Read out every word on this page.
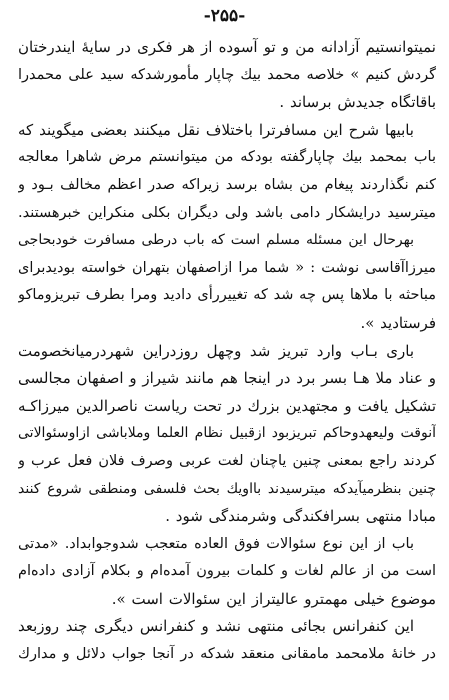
-۲۵۵-
نمیتوانستیم آزادانه من و تو آسوده از هر فکری در سایهٔ ایندرختان
گردش کنیم » خلاصه محمد بیك چاپار مأمورشدکه سید علی محمدرا
باقاتگاه جدیدش برساند .
بابیها شرح این مسافرترا باختلاف نقل میکنند بعضی میگویند که
باب بمحمد بیك چاپارگفته بودکه من میتوانستم مرض شاهرا معالجه
کنم نگذاردند پیغام من بشاه برسد زیراکه صدر اعظم مخالف بـود و
میترسید درایشکار دامی باشد ولی دیگران بکلی منکراین خبرهستند.
بهرحال این مسئله مسلم است که باب درطی مسافرت خودبحاجی
میرزاآقاسی نوشت : « شما مرا ازاصفهان بتهران خواسته بودیدبرای
مباحثه با ملاها پس چه شد که تغییررأی دادید ومرا بطرف تبریزوماکو
فرستادید ».
باری بـاب وارد تبریز شد وچهل روزدراین شهردرمیانخصومت
و عناد ملا هـا بسر برد در اینجا هم مانند شیراز و اصفهان مجالسی
تشکیل یافت و مجتهدین بزرك در تحت ریاست ناصرالدین میرزاکـه
آنوقت ولیعهدوحاکم تبریزبود ازقبیل نظام العلما وملاباشی ازاوسئوالاتی
کردند راجع بمعنی چنین یاچنان لغت عربی وصرف فلان فعل عرب و
چنین بنظرمیآیدکه میترسیدند بااویك بحث فلسفی ومنطقی شروع کنند
مبادا منتهی بسرافکندگی وشرمندگی شود .
باب از این نوع سئوالات فوق العاده متعجب شدوجوابداد. «مدتی
است من از عالم لغات و کلمات بیرون آمده‌ام و بکلام آزادی داده‌ام
موضوع خیلی مهمترو عالیتراز این سئوالات است ».
این کنفرانس بجائی منتهی نشد و کنفرانس دیگری چند روزبعد
در خانهٔ ملامحمد مامقانی منعقد شدکه در آنجا جواب دلائل و مدارك
